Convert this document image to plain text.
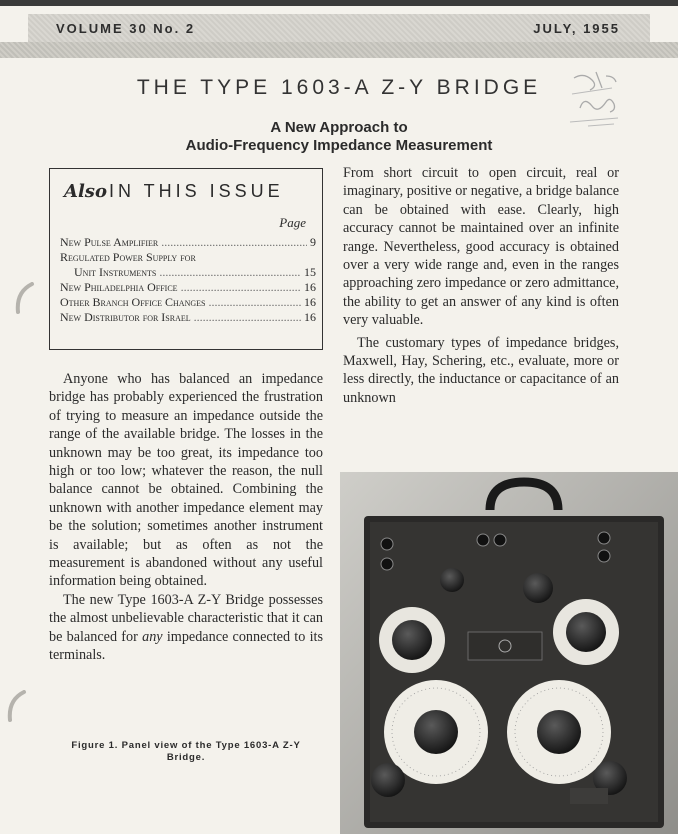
VOLUME 30 No. 2	JULY, 1955
THE TYPE 1603-A Z-Y BRIDGE
A New Approach to
Audio-Frequency Impedance Measurement
Also IN THIS ISSUE
Page
New Pulse Amplifier .....	9
Regulated Power Supply for
Unit Instruments .....	15
New Philadelphia Office .....	16
Other Branch Office Changes .....	16
New Distributor for Israel .....	16

Anyone who has balanced an impedance bridge has probably experienced the frustration of trying to measure an impedance outside the range of the available bridge. The losses in the unknown may be too great, its impedance too high or too low; whatever the reason, the null balance cannot be obtained. Combining the unknown with another impedance element may be the solution; sometimes another instrument is available; but as often as not the measurement is abandoned without any useful information being obtained.

The new Type 1603-A Z-Y Bridge possesses the almost unbelievable characteristic that it can be balanced for any impedance connected to its terminals.

From short circuit to open circuit, real or imaginary, positive or negative, a bridge balance can be obtained with ease. Clearly, high accuracy cannot be maintained over an infinite range. Nevertheless, good accuracy is obtained over a very wide range and, even in the ranges approaching zero impedance or zero admittance, the ability to get an answer of any kind is often very valuable.

The customary types of impedance bridges, Maxwell, Hay, Schering, etc., evaluate, more or less directly, the inductance or capacitance of an unknown

Figure 1. Panel view of the Type 1603-A Z-Y
Bridge.
